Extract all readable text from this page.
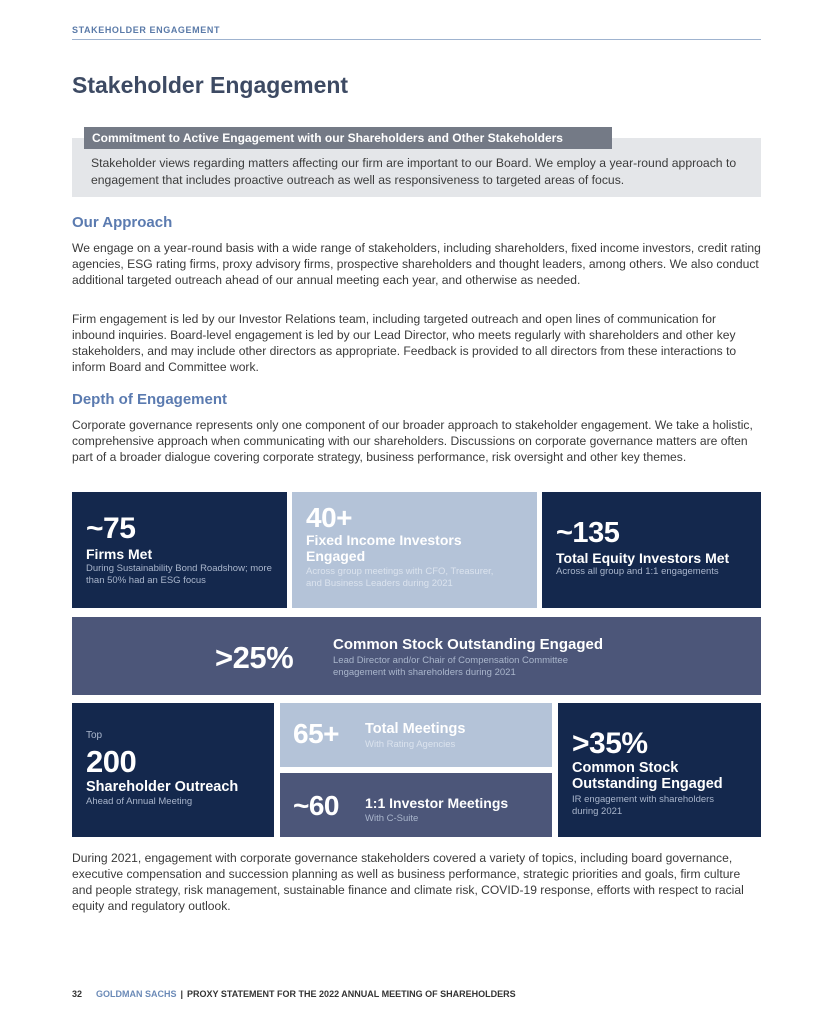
STAKEHOLDER ENGAGEMENT
Stakeholder Engagement
Commitment to Active Engagement with our Shareholders and Other Stakeholders
Stakeholder views regarding matters affecting our firm are important to our Board. We employ a year-round approach to engagement that includes proactive outreach as well as responsiveness to targeted areas of focus.
Our Approach

We engage on a year-round basis with a wide range of stakeholders, including shareholders, fixed income investors, credit rating agencies, ESG rating firms, proxy advisory firms, prospective shareholders and thought leaders, among others. We also conduct additional targeted outreach ahead of our annual meeting each year, and otherwise as needed.

Firm engagement is led by our Investor Relations team, including targeted outreach and open lines of communication for inbound inquiries. Board-level engagement is led by our Lead Director, who meets regularly with shareholders and other key stakeholders, and may include other directors as appropriate. Feedback is provided to all directors from these interactions to inform Board and Committee work.

Depth of Engagement

Corporate governance represents only one component of our broader approach to stakeholder engagement. We take a holistic, comprehensive approach when communicating with our shareholders. Discussions on corporate governance matters are often part of a broader dialogue covering corporate strategy, business performance, risk oversight and other key themes.

~75
Firms Met
During Sustainability Bond Roadshow; more than 50% had an ESG focus
40+
Fixed Income Investors Engaged
Across group meetings with CFO, Treasurer, and Business Leaders during 2021
~135
Total Equity Investors Met
Across all group and 1:1 engagements
>25%	Common Stock Outstanding Engaged
Lead Director and/or Chair of Compensation Committee engagement with shareholders during 2021
Top
200
Shareholder Outreach
Ahead of Annual Meeting
65+ Total Meetings
With Rating Agencies
~60 1:1 Investor Meetings
With C-Suite
>35%
Common Stock Outstanding Engaged
IR engagement with shareholders during 2021

During 2021, engagement with corporate governance stakeholders covered a variety of topics, including board governance, executive compensation and succession planning as well as business performance, strategic priorities and goals, firm culture and people strategy, risk management, sustainable finance and climate risk, COVID-19 response, efforts with respect to racial equity and regulatory outlook.

32 GOLDMAN SACHS | PROXY STATEMENT FOR THE 2022 ANNUAL MEETING OF SHAREHOLDERS
